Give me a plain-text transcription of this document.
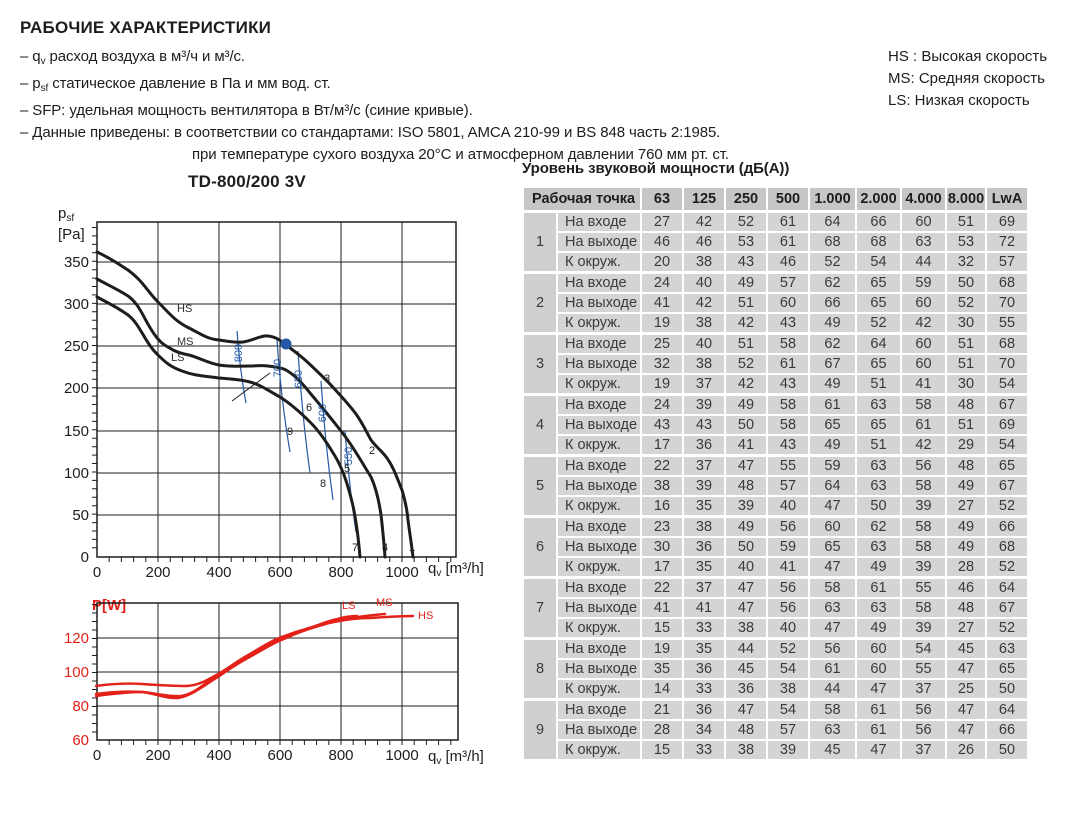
РАБОЧИЕ ХАРАКТЕРИСТИКИ
– $q_v$ расход воздуха в м³/ч и м³/с.
– $p_{sf}$ статическое давление в Па и мм вод. ст.
– SFP: удельная мощность вентилятора в Вт/м³/с (синие кривые).
– Данные приведены: в соответствии со стандартами: ISO 5801, AMCA 210-99 и BS 848 часть 2:1985.
при температуре сухого воздуха 20°C и атмосферном давлении 760 мм рт. ст.
HS : Высокая скорость
MS: Средняя скорость
LS: Низкая скорость
TD-800/200 3V
$p_{sf}$
[Pa]
HS
MS
LS	800
700
650
600
550
1
2
3
4
5
6
7
8
9
350
300
250
200
150
100
50
0
0	200 400 600 800 1000 $q_v$ [m³/h]
P[W]	LS MS
HS
120
100
80
60
0	200 400 600 800 1000 $q_v$ [m³/h]
Уровень звуковой мощности (дБ(А))
Рабочая точка		63	125	250	500	1.000	2.000	4.000	8.000	LwA
1	На входе	27	42	52	61	64	66	60	51	69
	На выходе	46	46	53	61	68	68	63	53	72
	К окруж.	20	38	43	46	52	54	44	32	57
2	На входе	24	40	49	57	62	65	59	50	68
	На выходе	41	42	51	60	66	65	60	52	70
	К окруж.	19	38	42	43	49	52	42	30	55
3	На входе	25	40	51	58	62	64	60	51	68
	На выходе	32	38	52	61	67	65	60	51	70
	К окруж.	19	37	42	43	49	51	41	30	54
4	На входе	24	39	49	58	61	63	58	48	67
	На выходе	43	43	50	58	65	65	61	51	69
	К окруж.	17	36	41	43	49	51	42	29	54
5	На входе	22	37	47	55	59	63	56	48	65
	На выходе	38	39	48	57	64	63	58	49	67
	К окруж.	16	35	39	40	47	50	39	27	52
6	На входе	23	38	49	56	60	62	58	49	66
	На выходе	30	36	50	59	65	63	58	49	68
	К окруж.	17	35	40	41	47	49	39	28	52
7	На входе	22	37	47	56	58	61	55	46	64
	На выходе	41	41	47	56	63	63	58	48	67
	К окруж.	15	33	38	40	47	49	39	27	52
8	На входе	19	35	44	52	56	60	54	45	63
	На выходе	35	36	45	54	61	60	55	47	65
	К окруж.	14	33	36	38	44	47	37	25	50
9	На входе	21	36	47	54	58	61	56	47	64
	На выходе	28	34	48	57	63	61	56	47	66
	К окруж.	15	33	38	39	45	47	37	26	50
